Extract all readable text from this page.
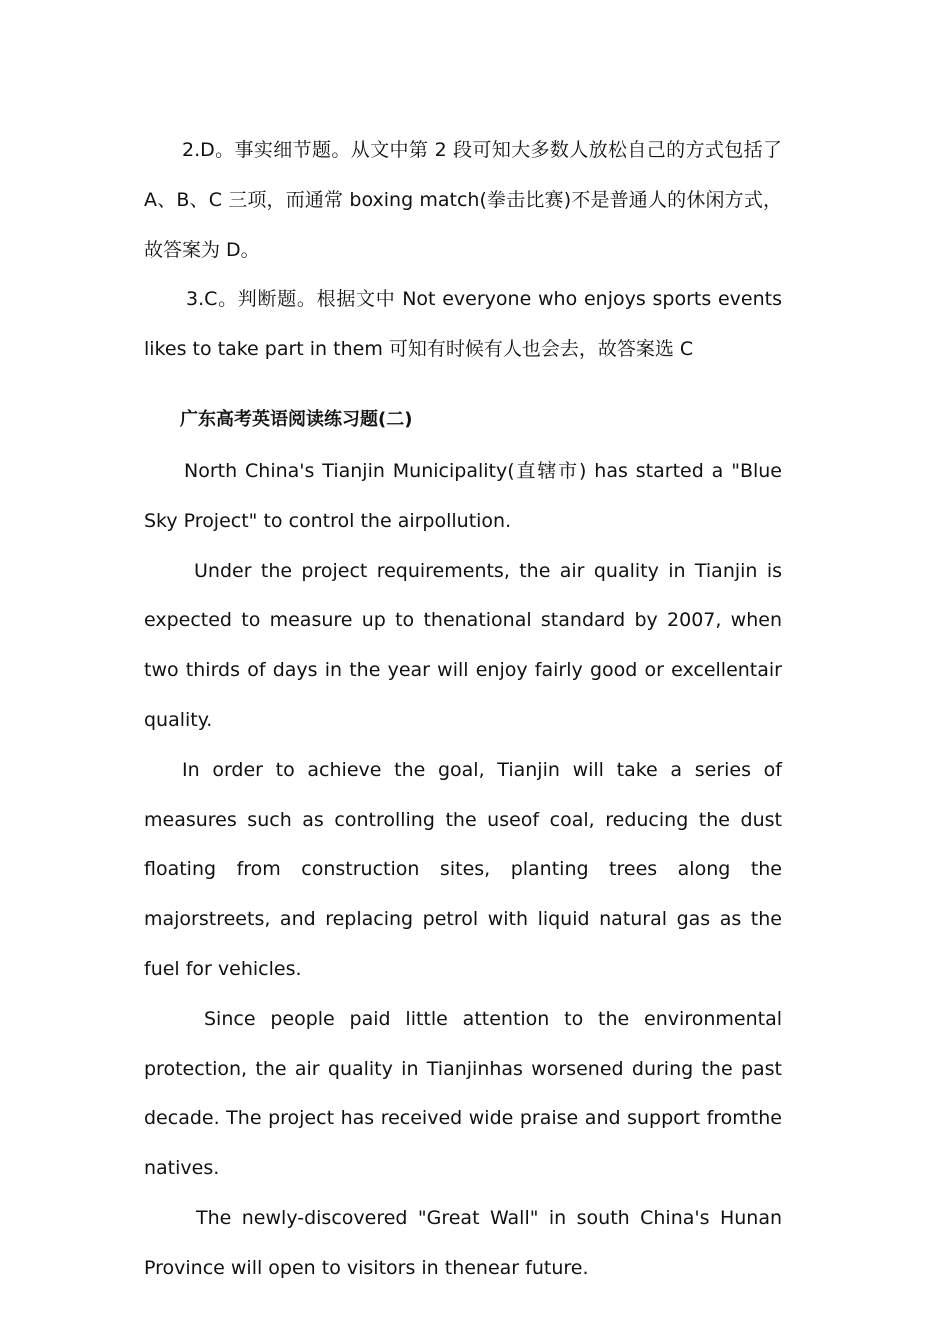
2.D。事实细节题。从文中第 2 段可知大多数人放松自己的方式包括了 A、B、C 三项，而通常 boxing match(拳击比赛)不是普通人的休闲方式，故答案为 D。

3.C。判断题。根据文中 Not everyone who enjoys sports events likes to take part in them 可知有时候有人也会去，故答案选 C

广东高考英语阅读练习题(二)

North China's Tianjin Municipality(直辖市) has started a "Blue Sky Project" to control the airpollution.

Under the project requirements, the air quality in Tianjin is expected to measure up to thenational standard by 2007, when two thirds of days in the year will enjoy fairly good or excellentair quality.

In order to achieve the goal, Tianjin will take a series of measures such as controlling the useof coal, reducing the dust floating from construction sites, planting trees along the majorstreets, and replacing petrol with liquid natural gas as the fuel for vehicles.

Since people paid little attention to the environmental protection, the air quality in Tianjinhas worsened during the past decade. The project has received wide praise and support fromthe natives.

The newly-discovered "Great Wall" in south China's Hunan Province will open to visitors in thenear future.
